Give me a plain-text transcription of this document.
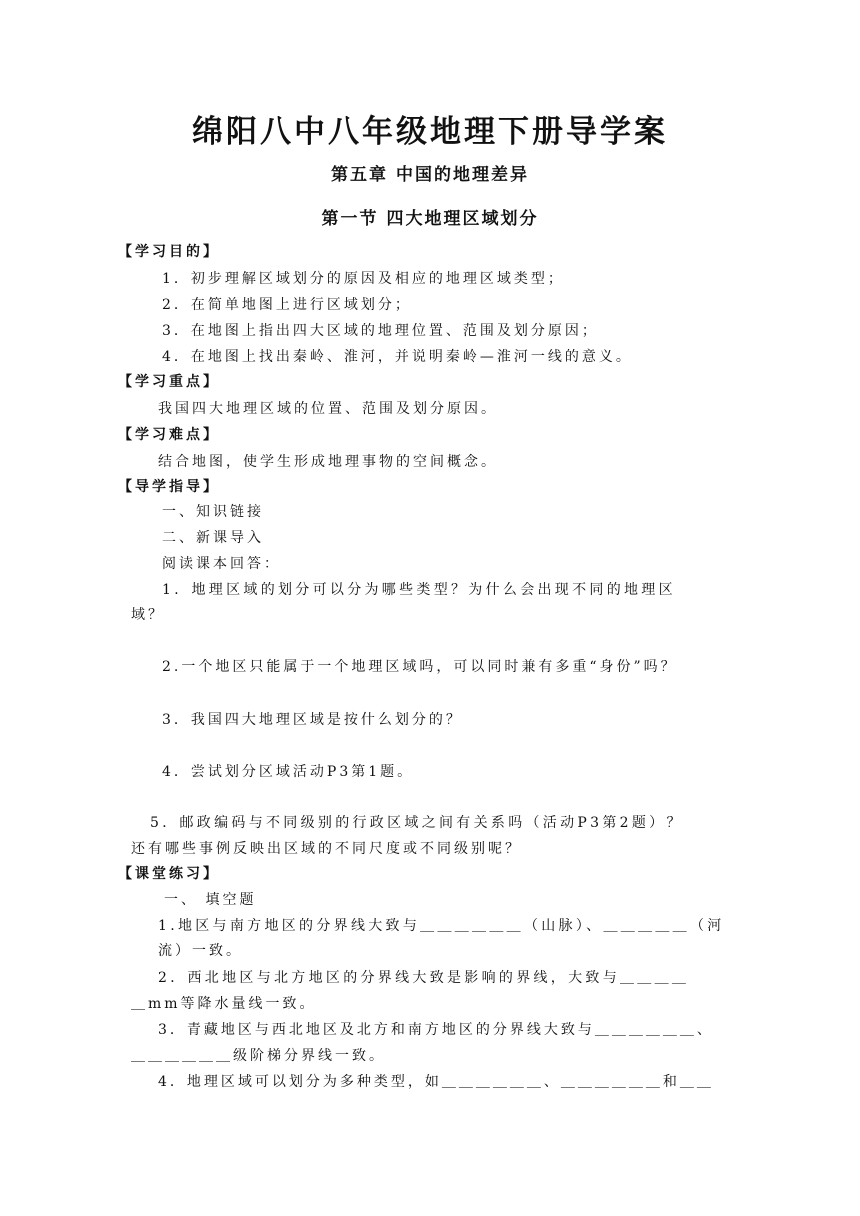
绵阳八中八年级地理下册导学案
第五章 中国的地理差异
第一节 四大地理区域划分
【学习目的】
1．初步理解区域划分的原因及相应的地理区域类型；
2．在简单地图上进行区域划分；
3．在地图上指出四大区域的地理位置、范围及划分原因；
4．在地图上找出秦岭、淮河，并说明秦岭—淮河一线的意义。
【学习重点】
我国四大地理区域的位置、范围及划分原因。
【学习难点】
结合地图，使学生形成地理事物的空间概念。
【导学指导】
一、知识链接
二、新课导入
阅读课本回答：
1．地理区域的划分可以分为哪些类型？为什么会出现不同的地理区
域？
2.一个地区只能属于一个地理区域吗，可以同时兼有多重“身份”吗？
3．我国四大地理区域是按什么划分的？
4．尝试划分区域活动P3第1题。
5．邮政编码与不同级别的行政区域之间有关系吗（活动P3第2题）？
还有哪些事例反映出区域的不同尺度或不同级别呢？
【课堂练习】
一、 填空题
1.地区与南方地区的分界线大致与＿＿＿＿＿＿（山脉）、＿＿＿＿＿（河
流）一致。
2．西北地区与北方地区的分界线大致是影响的界线，大致与＿＿＿＿
＿mm等降水量线一致。
3．青藏地区与西北地区及北方和南方地区的分界线大致与＿＿＿＿＿＿、
＿＿＿＿＿＿级阶梯分界线一致。
4．地理区域可以划分为多种类型，如＿＿＿＿＿＿、＿＿＿＿＿＿和＿＿
